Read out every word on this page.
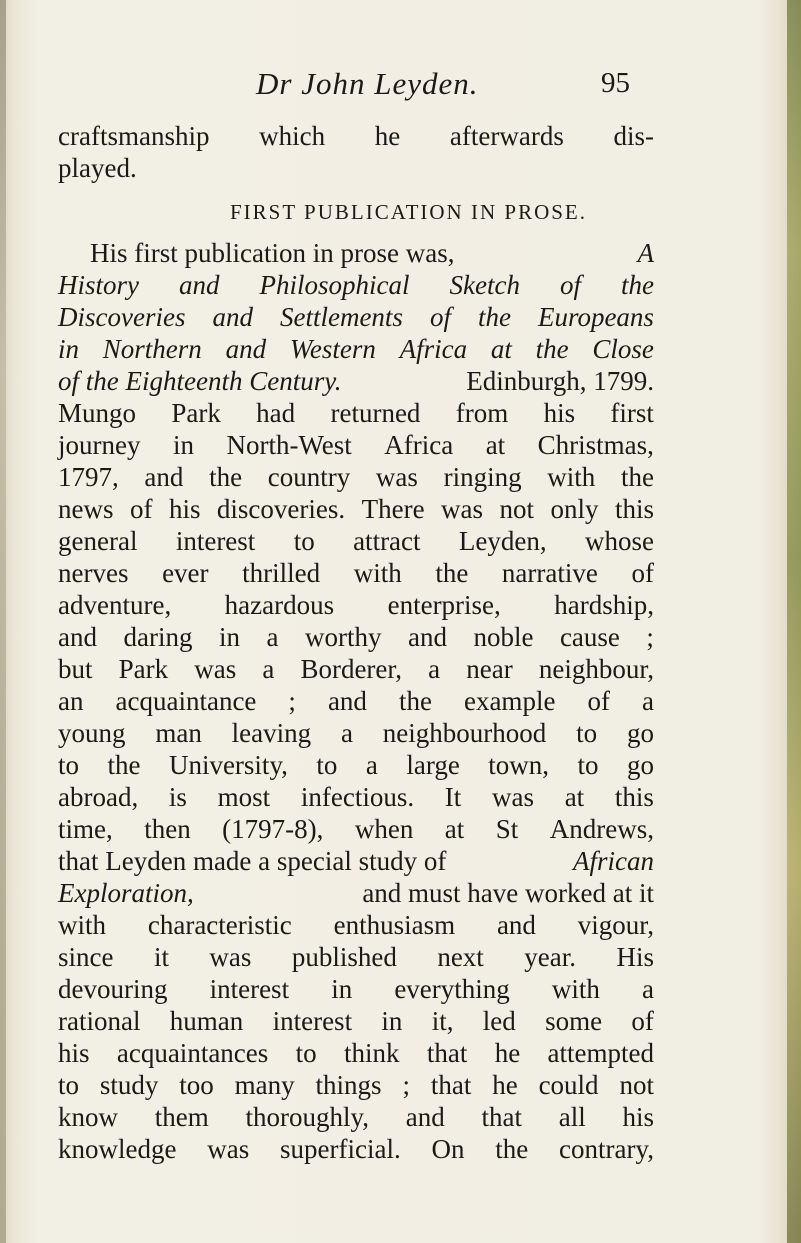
Dr John Leyden.	95
craftsmanship which he afterwards dis-
played.
FIRST PUBLICATION IN PROSE.
His first publication in prose was,	A
History and Philosophical Sketch of the
Discoveries and Settlements of the Europeans
in Northern and Western Africa at the Close
of the Eighteenth Century.	Edinburgh, 1799.
Mungo Park had returned from his first
journey in North-West Africa at Christmas,
1797, and the country was ringing with the
news of his discoveries. There was not only this
general interest to attract Leyden, whose
nerves ever thrilled with the narrative of
adventure, hazardous enterprise, hardship,
and daring in a worthy and noble cause ;
but Park was a Borderer, a near neighbour,
an acquaintance ; and the example of a
young man leaving a neighbourhood to go
to the University, to a large town, to go
abroad, is most infectious. It was at this
time, then (1797-8), when at St Andrews,
that Leyden made a special study of	African
Exploration,	and must have worked at it
with characteristic enthusiasm and vigour,
since it was published next year. His
devouring interest in everything with a
rational human interest in it, led some of
his acquaintances to think that he attempted
to study too many things ; that he could not
know them thoroughly, and that all his
knowledge was superficial. On the contrary,
